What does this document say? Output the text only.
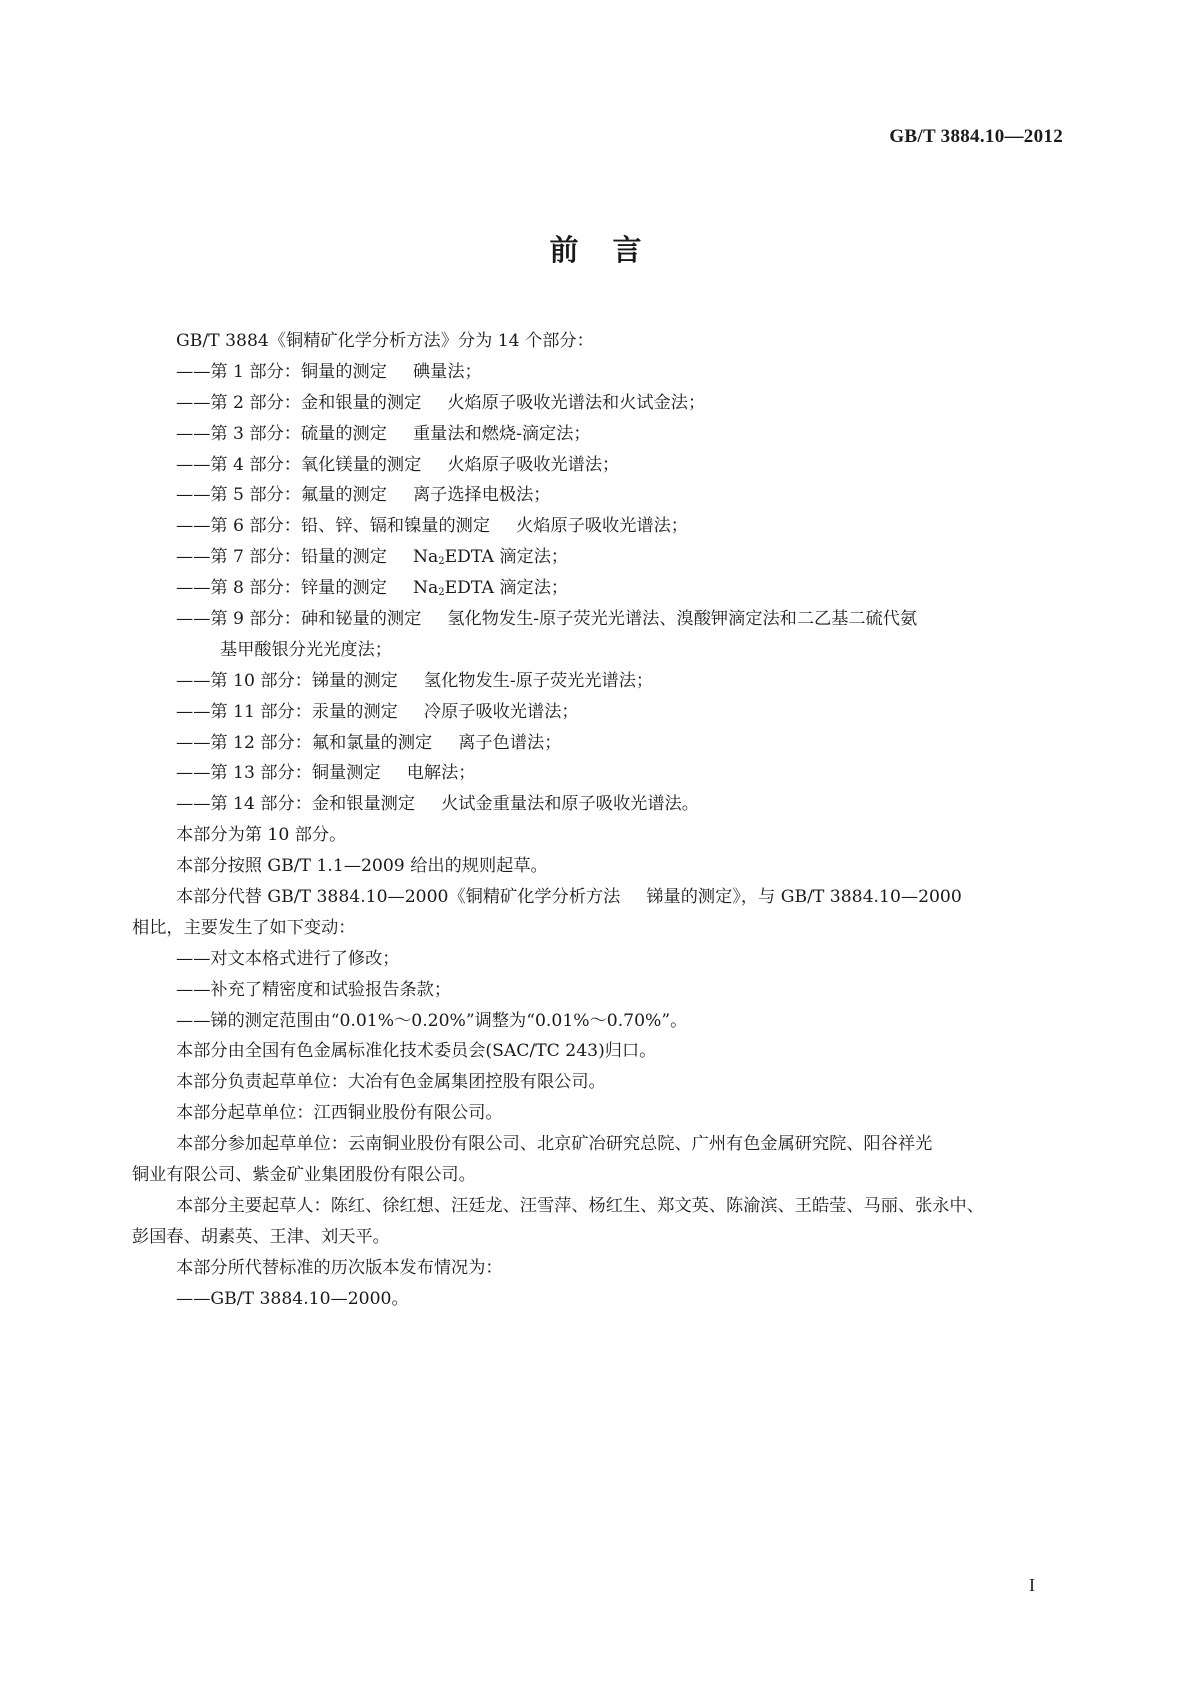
GB/T 3884.10—2012
前言
GB/T 3884《铜精矿化学分析方法》分为 14 个部分：
——第 1 部分：铜量的测定 碘量法；
——第 2 部分：金和银量的测定 火焰原子吸收光谱法和火试金法；
——第 3 部分：硫量的测定 重量法和燃烧-滴定法；
——第 4 部分：氧化镁量的测定 火焰原子吸收光谱法；
——第 5 部分：氟量的测定 离子选择电极法；
——第 6 部分：铅、锌、镉和镍量的测定 火焰原子吸收光谱法；
——第 7 部分：铅量的测定 $Na_2EDTA$ 滴定法；
——第 8 部分：锌量的测定 $Na_2EDTA$ 滴定法；
——第 9 部分：砷和铋量的测定 氢化物发生-原子荧光光谱法、溴酸钾滴定法和二乙基二硫代氨
基甲酸银分光光度法；
——第 10 部分：锑量的测定 氢化物发生-原子荧光光谱法；
——第 11 部分：汞量的测定 冷原子吸收光谱法；
——第 12 部分：氟和氯量的测定 离子色谱法；
——第 13 部分：铜量测定 电解法；
——第 14 部分：金和银量测定 火试金重量法和原子吸收光谱法。
本部分为第 10 部分。
本部分按照 GB/T 1.1—2009 给出的规则起草。
本部分代替 GB/T 3884.10—2000《铜精矿化学分析方法 锑量的测定》，与 GB/T 3884.10—2000
相比，主要发生了如下变动：
——对文本格式进行了修改；
——补充了精密度和试验报告条款；
——锑的测定范围由“0.01%～0.20%”调整为“0.01%～0.70%”。
本部分由全国有色金属标准化技术委员会(SAC/TC 243)归口。
本部分负责起草单位：大冶有色金属集团控股有限公司。
本部分起草单位：江西铜业股份有限公司。
本部分参加起草单位：云南铜业股份有限公司、北京矿冶研究总院、广州有色金属研究院、阳谷祥光
铜业有限公司、紫金矿业集团股份有限公司。
本部分主要起草人：陈红、徐红想、汪廷龙、汪雪萍、杨红生、郑文英、陈渝滨、王皓莹、马丽、张永中、
彭国春、胡素英、王津、刘天平。
本部分所代替标准的历次版本发布情况为：
——GB/T 3884.10—2000。
I
